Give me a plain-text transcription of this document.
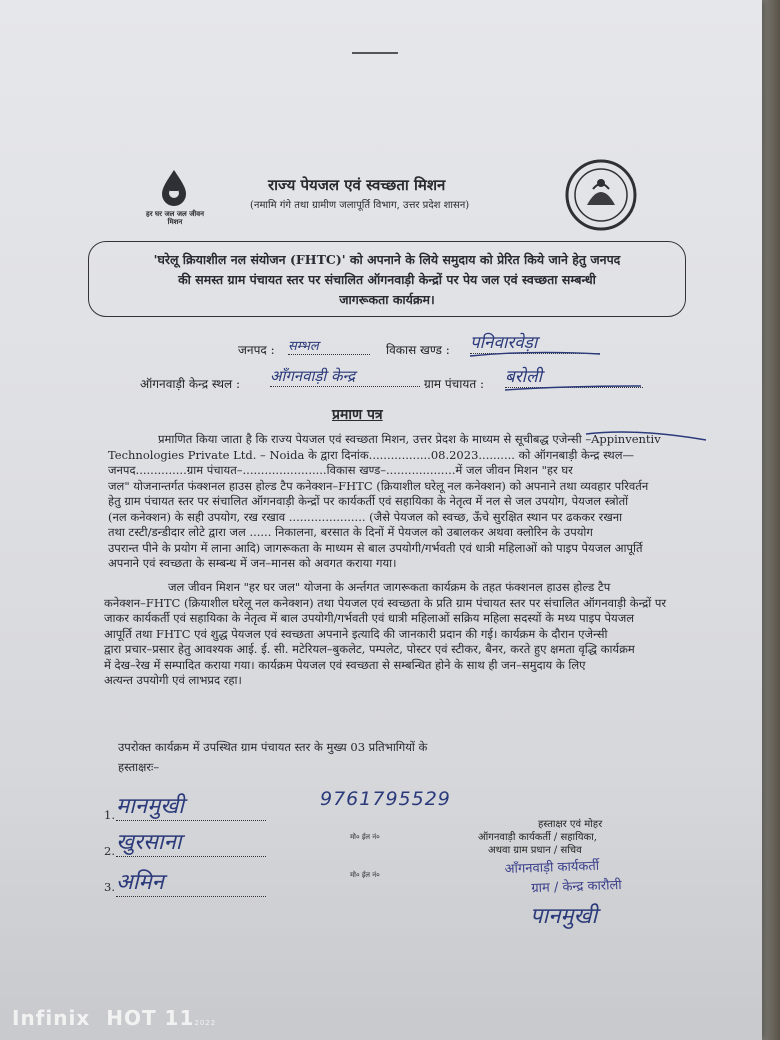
हर घर जल जल जीवन मिशन
राज्य पेयजल एवं स्वच्छता मिशन
(नमामि गंगे तथा ग्रामीण जलापूर्ति विभाग, उत्तर प्रदेश शासन)
'घरेलू क्रियाशील नल संयोजन (FHTC)' को अपनाने के लिये समुदाय को प्रेरित किये जाने हेतु जनपद
की समस्त ग्राम पंचायत स्तर पर संचालित ऑगनवाड़ी केन्द्रों पर पेय जल एवं स्वच्छता सम्बन्धी
जागरूकता कार्यक्रम।
जनपद : सम्भल	विकास खण्ड : पनिवारवेड़ा
ऑगनवाड़ी केन्द्र स्थल : आँगनवाड़ी केन्द्र	ग्राम पंचायत : बरोली
प्रमाण पत्र
प्रमाणित किया जाता है कि राज्य पेयजल एवं स्वच्छता मिशन, उत्तर प्रेदश के माध्यम से सूचीबद्ध एजेन्सी –Appinventiv
Technologies Private Ltd. – Noida के द्वारा दिनांक.................08.2023.......... को ऑगनबाड़ी केन्द्र स्थल—
जनपद..............ग्राम पंचायत–.......................विकास खण्ड–...................में जल जीवन मिशन "हर घर
जल" योजनान्तर्गत फंक्शनल हाउस होल्ड टैप कनेक्शन–FHTC (क्रियाशील घरेलू नल कनेक्शन) को अपनाने तथा व्यवहार परिवर्तन
हेतु ग्राम पंचायत स्तर पर संचालित ऑगनवाड़ी केन्द्रों पर कार्यकर्ती एवं सहायिका के नेतृत्व में नल से जल उपयोग, पेयजल स्त्रोतों
(नल कनेक्शन) के सही उपयोग, रख रखाव ..................... (जैसे पेयजल को स्वच्छ, ऊँचे सुरक्षित स्थान पर ढककर रखना
तथा टस्टी/डन्डीदार लोटे द्वारा जल ...... निकालना, बरसात के दिनों में पेयजल को उबालकर अथवा क्लोरिन के उपयोग
उपरान्त पीने के प्रयोग में लाना आदि) जागरूकता के माध्यम से बाल उपयोगी/गर्भवती एवं धात्री महिलाओं को पाइप पेयजल आपूर्ति
अपनाने एवं स्वच्छता के सम्बन्ध में जन–मानस को अवगत कराया गया।
जल जीवन मिशन "हर घर जल" योजना के अर्न्तगत जागरूकता कार्यक्रम के तहत फंक्शनल हाउस होल्ड टैप
कनेक्शन–FHTC (क्रियाशील घरेलू नल कनेक्शन) तथा पेयजल एवं स्वच्छता के प्रति ग्राम पंचायत स्तर पर संचालित ऑगनवाड़ी केन्द्रों पर
जाकर कार्यकर्ती एवं सहायिका के नेतृत्व में बाल उपयोगी/गर्भवती एवं धात्री महिलाओं सक्रिय महिला सदस्यों के मध्य पाइप पेयजल
आपूर्ति तथा FHTC एवं शुद्ध पेयजल एवं स्वच्छता अपनाने इत्यादि की जानकारी प्रदान की गई। कार्यक्रम के दौरान एजेन्सी
द्वारा प्रचार–प्रसार हेतु आवश्यक आई. ई. सी. मटेरियल–बुकलेट, पम्पलेट, पोस्टर एवं स्टीकर, बैनर, करते हुए क्षमता वृद्धि कार्यक्रम
में देख–रेख में सम्पादित कराया गया। कार्यक्रम पेयजल एवं स्वच्छता से सम्बन्धित होने के साथ ही जन–समुदाय के लिए
अत्यन्त उपयोगी एवं लाभप्रद रहा।
उपरोक्त कार्यक्रम में उपस्थित ग्राम पंचायत स्तर के मुख्य 03 प्रतिभागियों के
हस्ताक्षरः–
1. मानमुखी	9761795529
2. खुरसाना	मो० ईल नं०
3. अमिन	मो० ईल नं०
हस्ताक्षर एवं मोहर
ऑगनवाड़ी कार्यकर्ती / सहायिका,
अथवा ग्राम प्रधान / सचिव
आँगनवाड़ी कार्यकर्ती
ग्राम / केन्द्र कारौली
पानमुखी
Infinix HOT 112022
